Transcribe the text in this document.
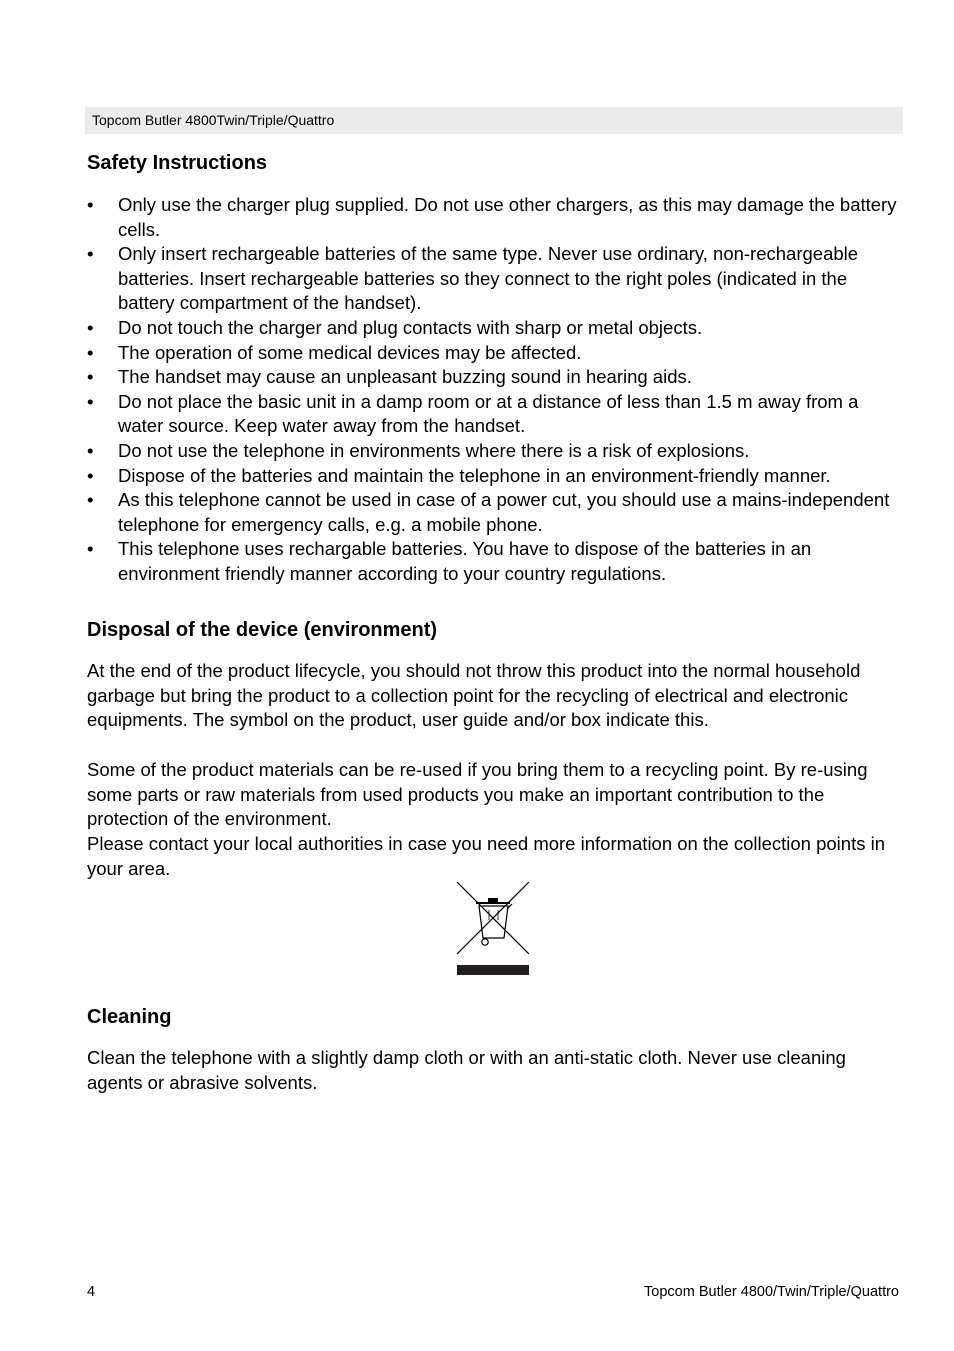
Topcom Butler 4800Twin/Triple/Quattro
Safety Instructions
• Only use the charger plug supplied. Do not use other chargers, as this may damage the battery cells.
• Only insert rechargeable batteries of the same type. Never use ordinary, non-rechargeable batteries. Insert rechargeable batteries so they connect to the right poles (indicated in the battery compartment of the handset).
• Do not touch the charger and plug contacts with sharp or metal objects.
• The operation of some medical devices may be affected.
• The handset may cause an unpleasant buzzing sound in hearing aids.
• Do not place the basic unit in a damp room or at a distance of less than 1.5 m away from a water source. Keep water away from the handset.
• Do not use the telephone in environments where there is a risk of explosions.
• Dispose of the batteries and maintain the telephone in an environment-friendly manner.
• As this telephone cannot be used in case of a power cut, you should use a mains-independent telephone for emergency calls, e.g. a mobile phone.
• This telephone uses rechargable batteries. You have to dispose of the batteries in an environment friendly manner according to your country regulations.
Disposal of the device (environment)

At the end of the product lifecycle, you should not throw this product into the normal household garbage but bring the product to a collection point for the recycling of electrical and electronic equipments. The symbol on the product, user guide and/or box indicate this.

Some of the product materials can be re-used if you bring them to a recycling point. By re-using some parts or raw materials from used products you make an important contribution to the protection of the environment.

Please contact your local authorities in case you need more information on the collection points in your area.

Cleaning

Clean the telephone with a slightly damp cloth or with an anti-static cloth. Never use cleaning agents or abrasive solvents.

4	Topcom Butler 4800/Twin/Triple/Quattro
